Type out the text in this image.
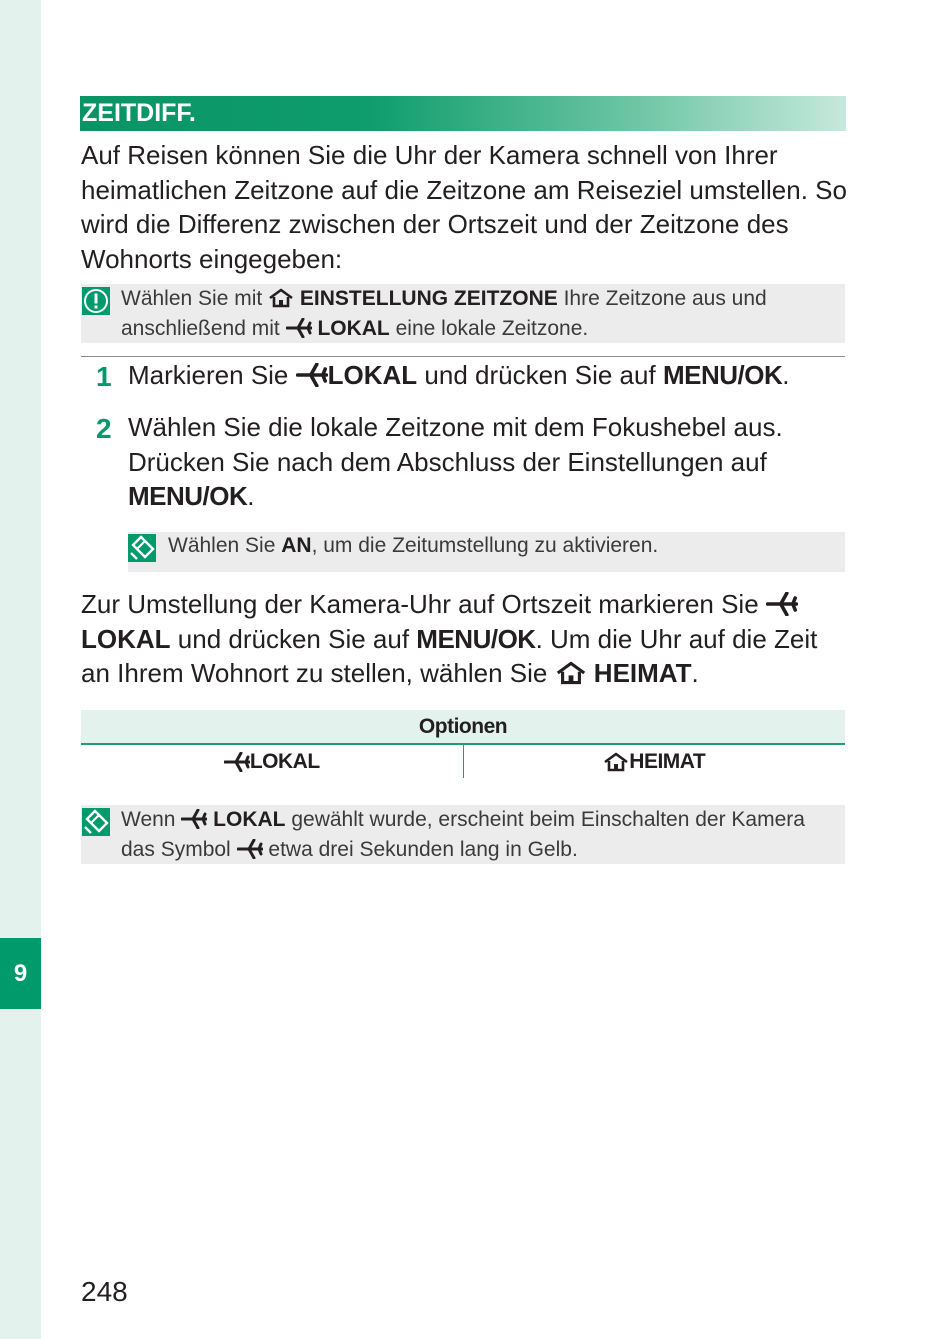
9
ZEITDIFF.

Auf Reisen können Sie die Uhr der Kamera schnell von Ihrer heimatlichen Zeitzone auf die Zeitzone am Reiseziel umstellen. So wird die Differenz zwischen der Ortszeit und der Zeitzone des Wohnorts eingegeben:

Wählen Sie mit EINSTELLUNG ZEITZONE Ihre Zeitzone aus und anschließend mit LOKAL eine lokale Zeitzone.

1 Markieren Sie LOKAL und drücken Sie auf MENU/OK.

2 Wählen Sie die lokale Zeitzone mit dem Fokushebel aus. Drücken Sie nach dem Abschluss der Einstellungen auf MENU/OK.

Wählen Sie AN, um die Zeitumstellung zu aktivieren.

Zur Umstellung der Kamera-Uhr auf Ortszeit markieren Sie LOKAL und drücken Sie auf MENU/OK. Um die Uhr auf die Zeit an Ihrem Wohnort zu stellen, wählen Sie HEIMAT.

Optionen
LOKAL	HEIMAT

Wenn LOKAL gewählt wurde, erscheint beim Einschalten der Kamera das Symbol etwa drei Sekunden lang in Gelb.

248
